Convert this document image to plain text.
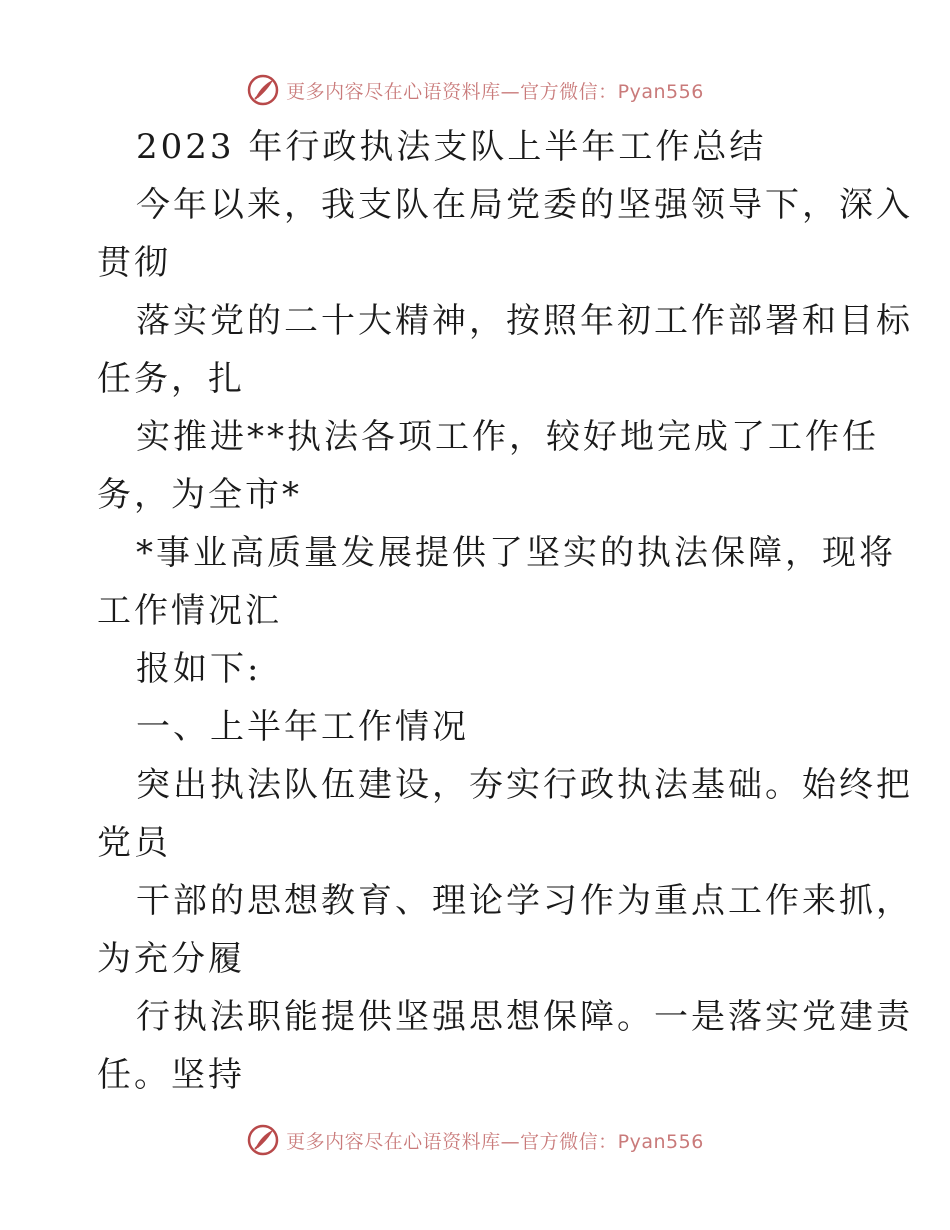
更多内容尽在心语资料库—官方微信：Pyan556
2023 年行政执法支队上半年工作总结
今年以来，我支队在局党委的坚强领导下，深入
贯彻
落实党的二十大精神，按照年初工作部署和目标
任务，扎
实推进**执法各项工作，较好地完成了工作任
务，为全市*
*事业高质量发展提供了坚实的执法保障，现将
工作情况汇
报如下:
一、上半年工作情况
突出执法队伍建设，夯实行政执法基础。始终把
党员
干部的思想教育、理论学习作为重点工作来抓，
为充分履
行执法职能提供坚强思想保障。一是落实党建责
任。坚持
更多内容尽在心语资料库—官方微信：Pyan556
